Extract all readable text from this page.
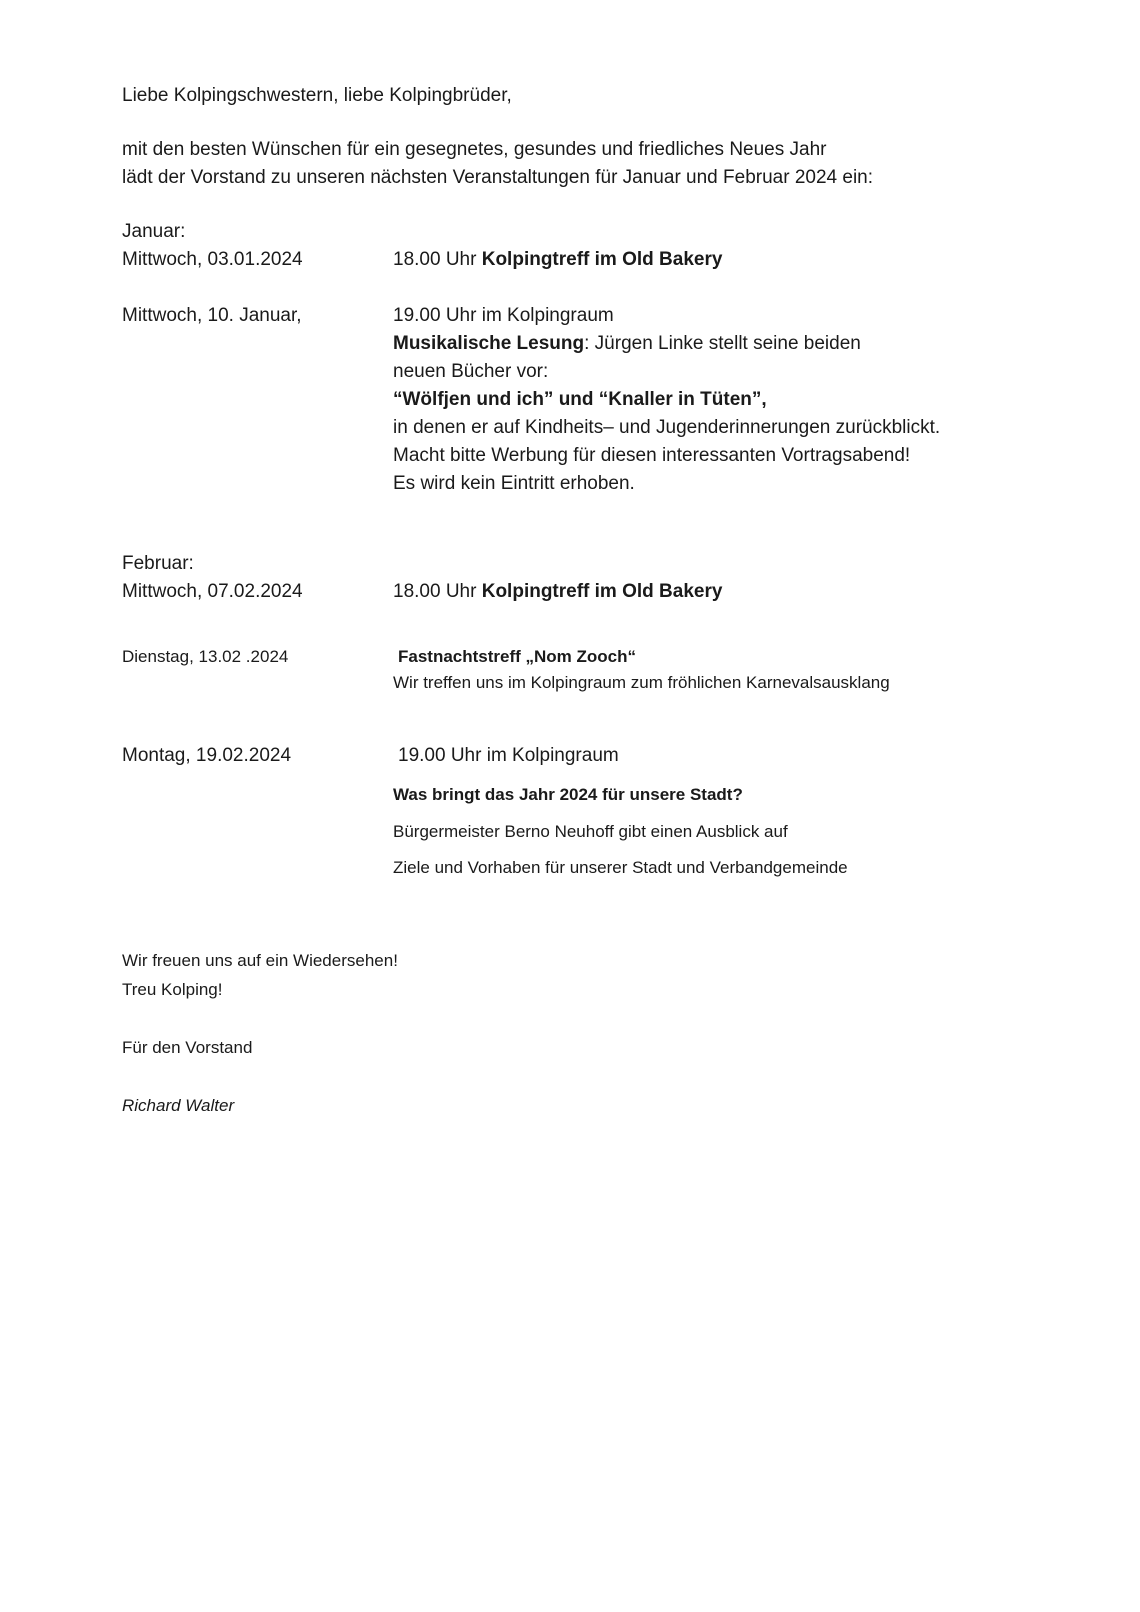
Liebe Kolpingschwestern, liebe Kolpingbrüder,
mit den besten Wünschen für ein gesegnetes, gesundes und friedliches Neues Jahr
lädt der Vorstand zu unseren nächsten Veranstaltungen für Januar und Februar 2024 ein:
Januar:
Mittwoch, 03.01.2024	18.00 Uhr Kolpingtreff im Old Bakery
Mittwoch, 10. Januar,	19.00 Uhr im Kolpingraum
Musikalische Lesung: Jürgen Linke stellt seine beiden
neuen Bücher vor:
“Wölfjen und ich” und “Knaller in Tüten”,
in denen er auf Kindheits– und Jugenderinnerungen zurückblickt.
Macht bitte Werbung für diesen interessanten Vortragsabend!
Es wird kein Eintritt erhoben.
Februar:
Mittwoch, 07.02.2024	18.00 Uhr Kolpingtreff im Old Bakery
Dienstag, 13.02 .2024	Fastnachtstreff „Nom Zooch“
Wir treffen uns im Kolpingraum zum fröhlichen Karnevalsausklang
Montag, 19.02.2024	19.00 Uhr im Kolpingraum
Was bringt das Jahr 2024 für unsere Stadt?
Bürgermeister Berno Neuhoff gibt einen Ausblick auf
Ziele und Vorhaben für unserer Stadt und Verbandgemeinde
Wir freuen uns auf ein Wiedersehen!
Treu Kolping!
Für den Vorstand
Richard Walter
